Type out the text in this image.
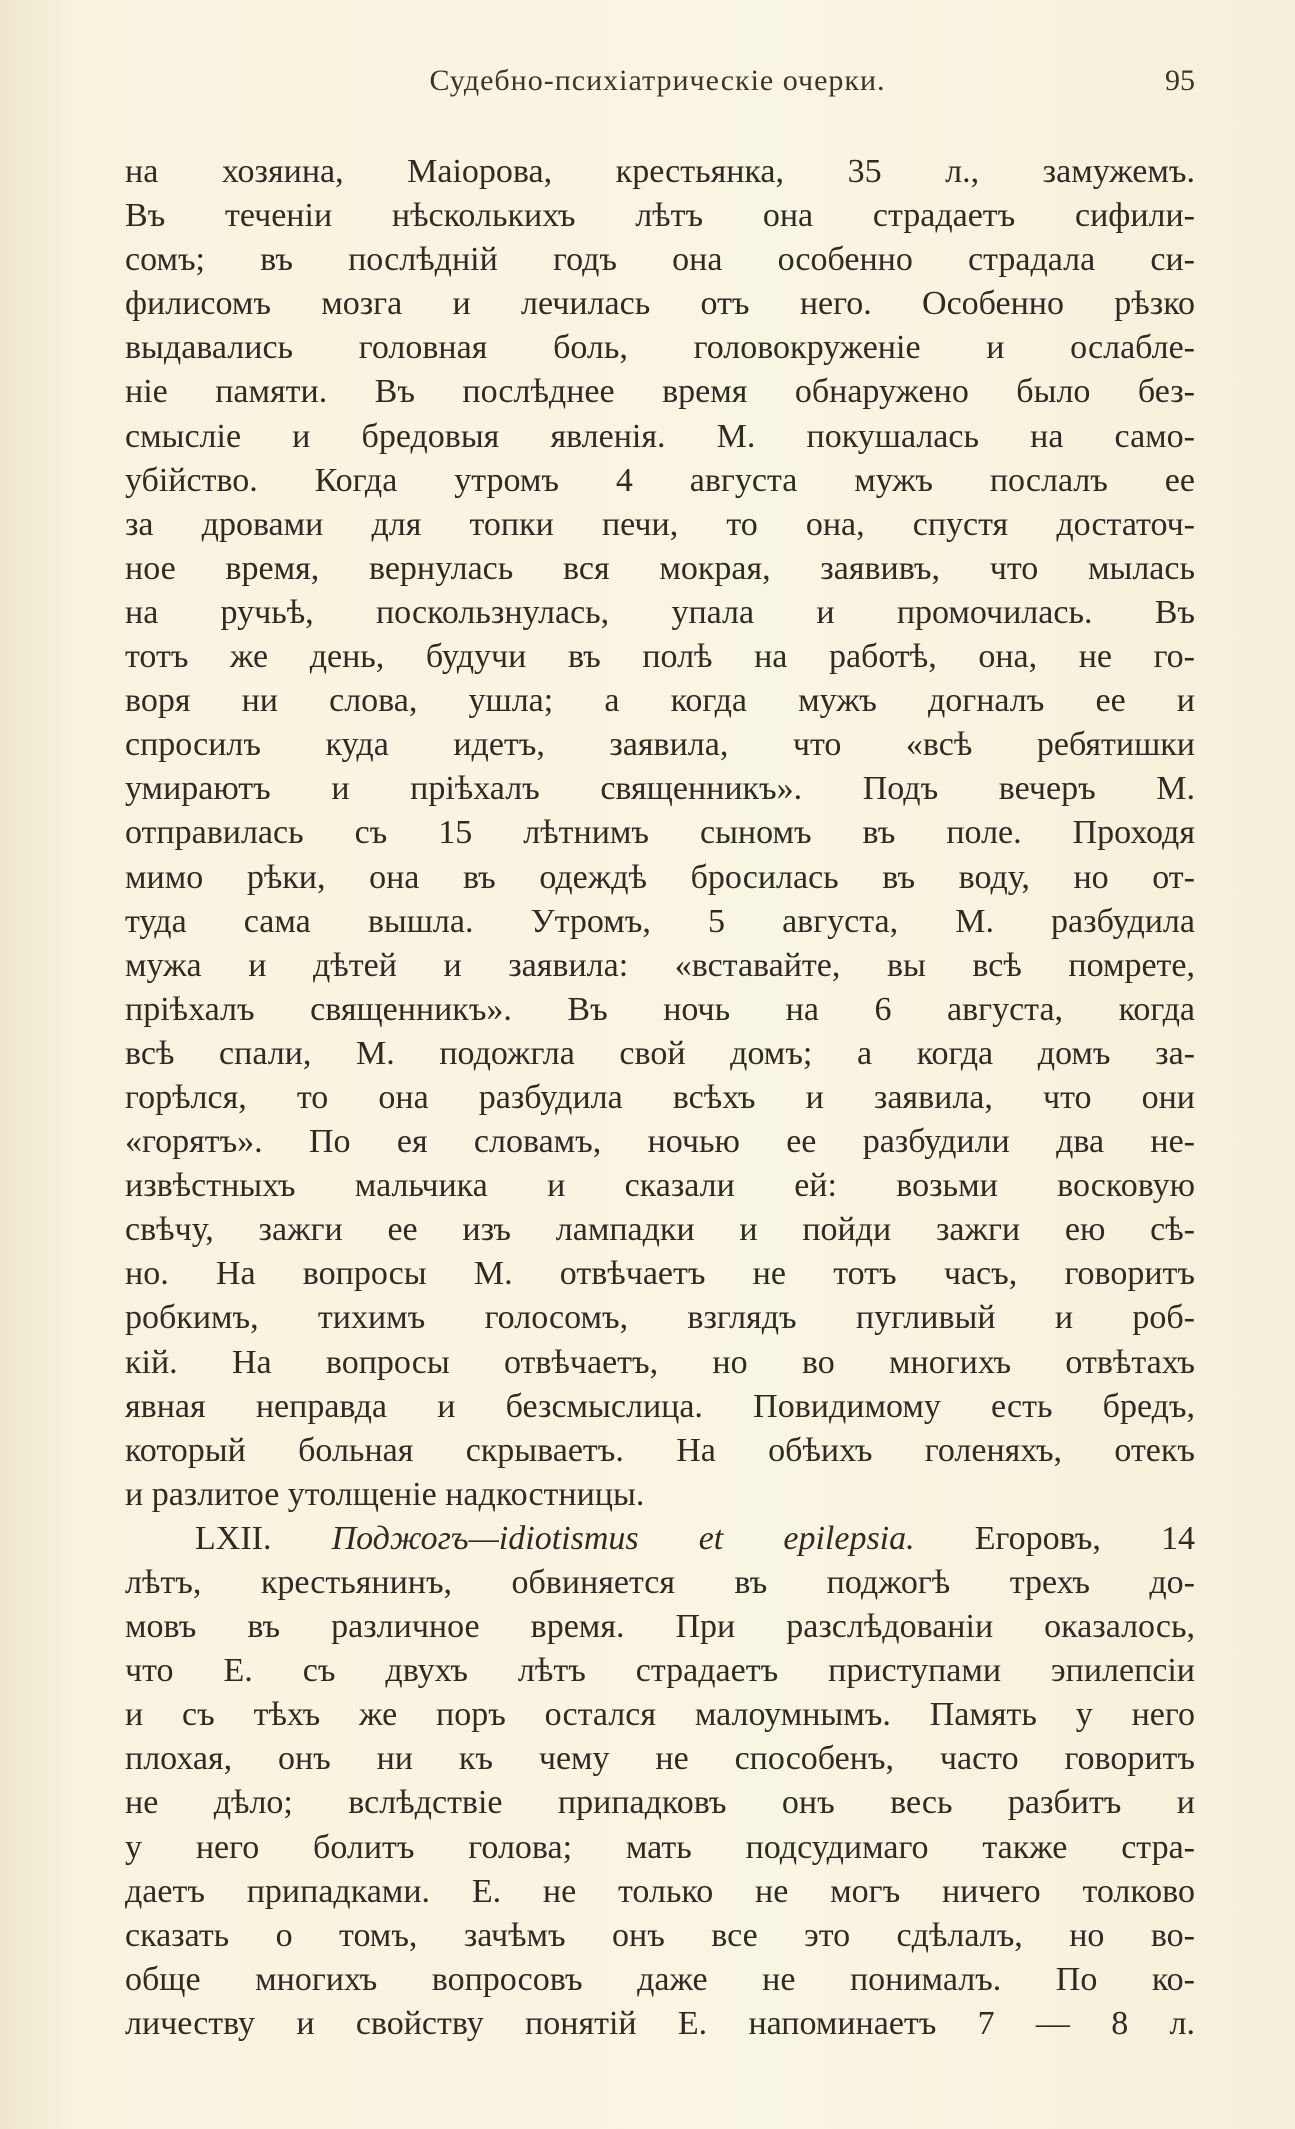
Судебно-психіатрическіе очерки.	95
на хозяина, Маіорова, крестьянка, 35 л., замужемъ.
Въ теченіи нѣсколькихъ лѣтъ она страдаетъ сифили-
сомъ; въ послѣдній годъ она особенно страдала си-
филисомъ мозга и лечилась отъ него. Особенно рѣзко
выдавались головная боль, головокруженіе и ослабле-
ніе памяти. Въ послѣднее время обнаружено было без-
смысліе и бредовыя явленія. М. покушалась на само-
убійство. Когда утромъ 4 августа мужъ послалъ ее
за дровами для топки печи, то она, спустя достаточ-
ное время, вернулась вся мокрая, заявивъ, что мылась
на ручьѣ, поскользнулась, упала и промочилась. Въ
тотъ же день, будучи въ полѣ на работѣ, она, не го-
воря ни слова, ушла; а когда мужъ догналъ ее и
спросилъ куда идетъ, заявила, что «всѣ ребятишки
умираютъ и пріѣхалъ священникъ». Подъ вечеръ М.
отправилась съ 15 лѣтнимъ сыномъ въ поле. Проходя
мимо рѣки, она въ одеждѣ бросилась въ воду, но от-
туда сама вышла. Утромъ, 5 августа, М. разбудила
мужа и дѣтей и заявила: «вставайте, вы всѣ помрете,
пріѣхалъ священникъ». Въ ночь на 6 августа, когда
всѣ спали, М. подожгла свой домъ; а когда домъ за-
горѣлся, то она разбудила всѣхъ и заявила, что они
«горятъ». По ея словамъ, ночью ее разбудили два не-
извѣстныхъ мальчика и сказали ей: возьми восковую
свѣчу, зажги ее изъ лампадки и пойди зажги ею сѣ-
но. На вопросы М. отвѣчаетъ не тотъ часъ, говоритъ
робкимъ, тихимъ голосомъ, взглядъ пугливый и роб-
кій. На вопросы отвѣчаетъ, но во многихъ отвѣтахъ
явная неправда и безсмыслица. Повидимому есть бредъ,
который больная скрываетъ. На обѣихъ голеняхъ, отекъ
и разлитое утолщеніе надкостницы.
LXII. Поджогъ—idiotismus et epilepsia. Егоровъ, 14
лѣтъ, крестьянинъ, обвиняется въ поджогѣ трехъ до-
мовъ въ различное время. При разслѣдованіи оказалось,
что Е. съ двухъ лѣтъ страдаетъ приступами эпилепсіи
и съ тѣхъ же поръ остался малоумнымъ. Память у него
плохая, онъ ни къ чему не способенъ, часто говоритъ
не дѣло; вслѣдствіе припадковъ онъ весь разбитъ и
у него болитъ голова; мать подсудимаго также стра-
даетъ припадками. Е. не только не могъ ничего толково
сказать о томъ, зачѣмъ онъ все это сдѣлалъ, но во-
обще многихъ вопросовъ даже не понималъ. По ко-
личеству и свойству понятій Е. напоминаетъ 7 — 8 л.
